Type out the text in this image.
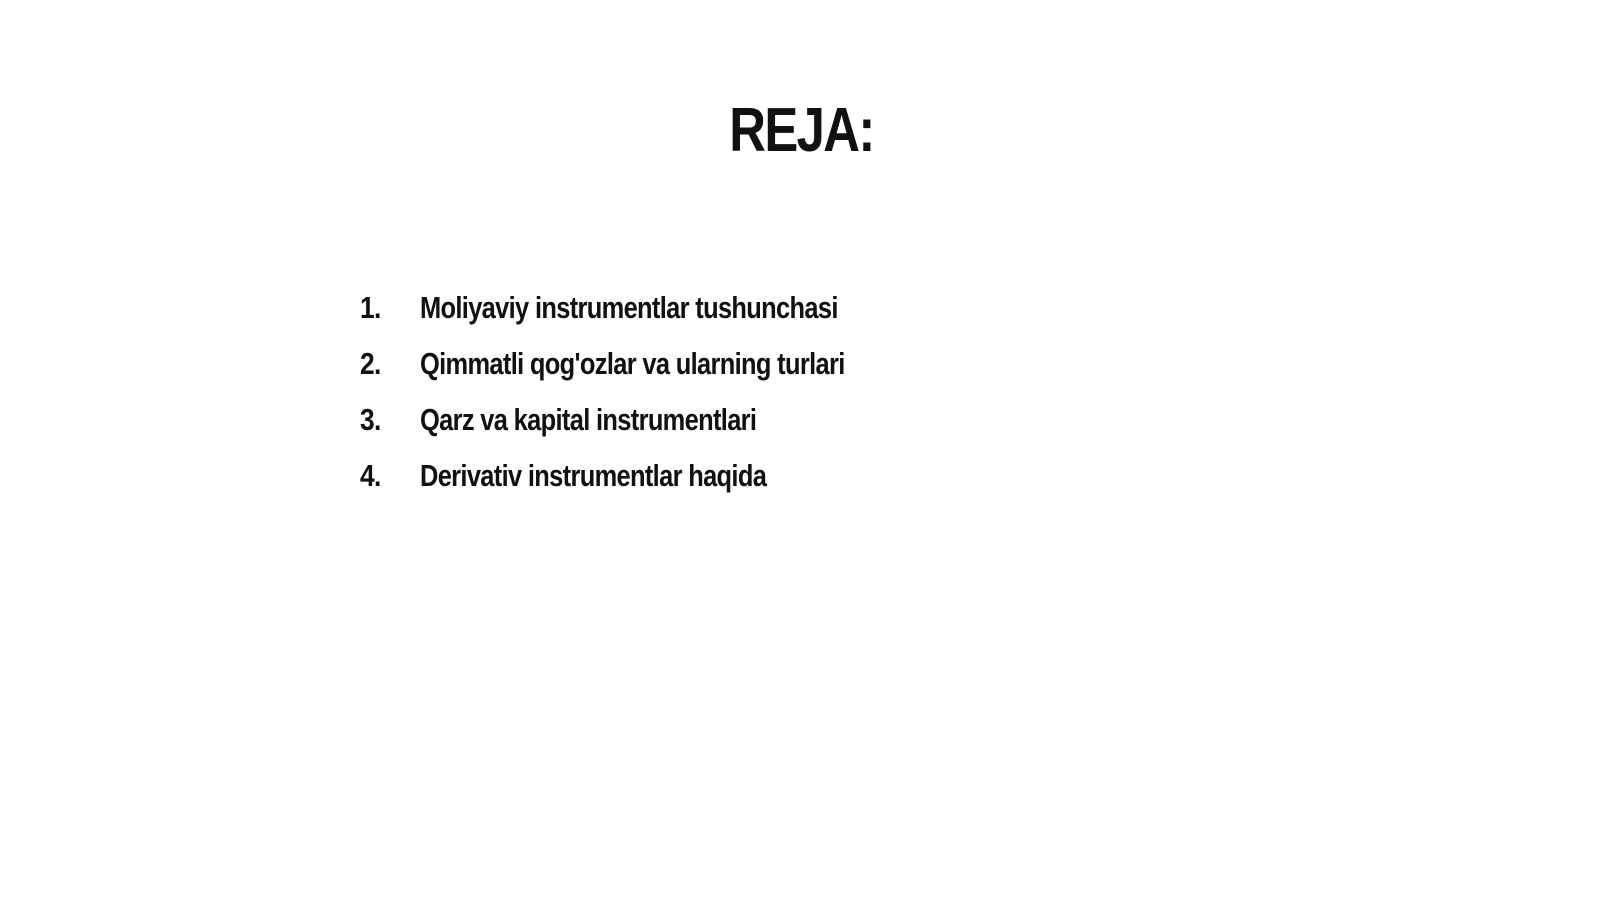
REJA:
1.	Moliyaviy instrumentlar tushunchasi
2.	Qimmatli qog'ozlar va ularning turlari
3.	Qarz va kapital instrumentlari
4.	Derivativ instrumentlar haqida
